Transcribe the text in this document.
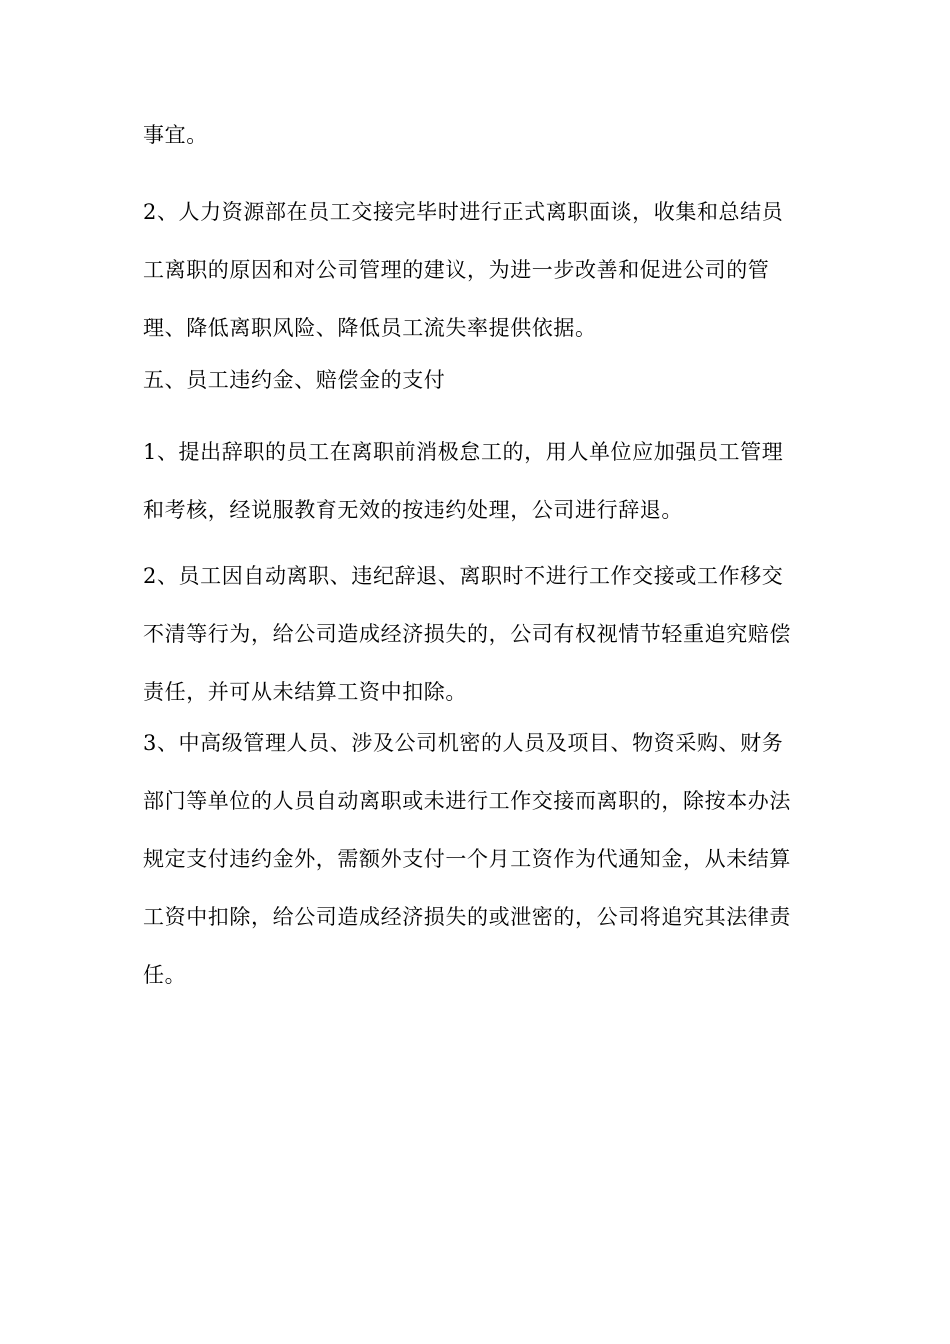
事宜。
2、人力资源部在员工交接完毕时进行正式离职面谈，收集和总结员
工离职的原因和对公司管理的建议，为进一步改善和促进公司的管
理、降低离职风险、降低员工流失率提供依据。
五、员工违约金、赔偿金的支付
1、提出辞职的员工在离职前消极怠工的，用人单位应加强员工管理
和考核，经说服教育无效的按违约处理，公司进行辞退。
2、员工因自动离职、违纪辞退、离职时不进行工作交接或工作移交
不清等行为，给公司造成经济损失的，公司有权视情节轻重追究赔偿
责任，并可从未结算工资中扣除。
3、中高级管理人员、涉及公司机密的人员及项目、物资采购、财务
部门等单位的人员自动离职或未进行工作交接而离职的，除按本办法
规定支付违约金外，需额外支付一个月工资作为代通知金，从未结算
工资中扣除，给公司造成经济损失的或泄密的，公司将追究其法律责
任。
